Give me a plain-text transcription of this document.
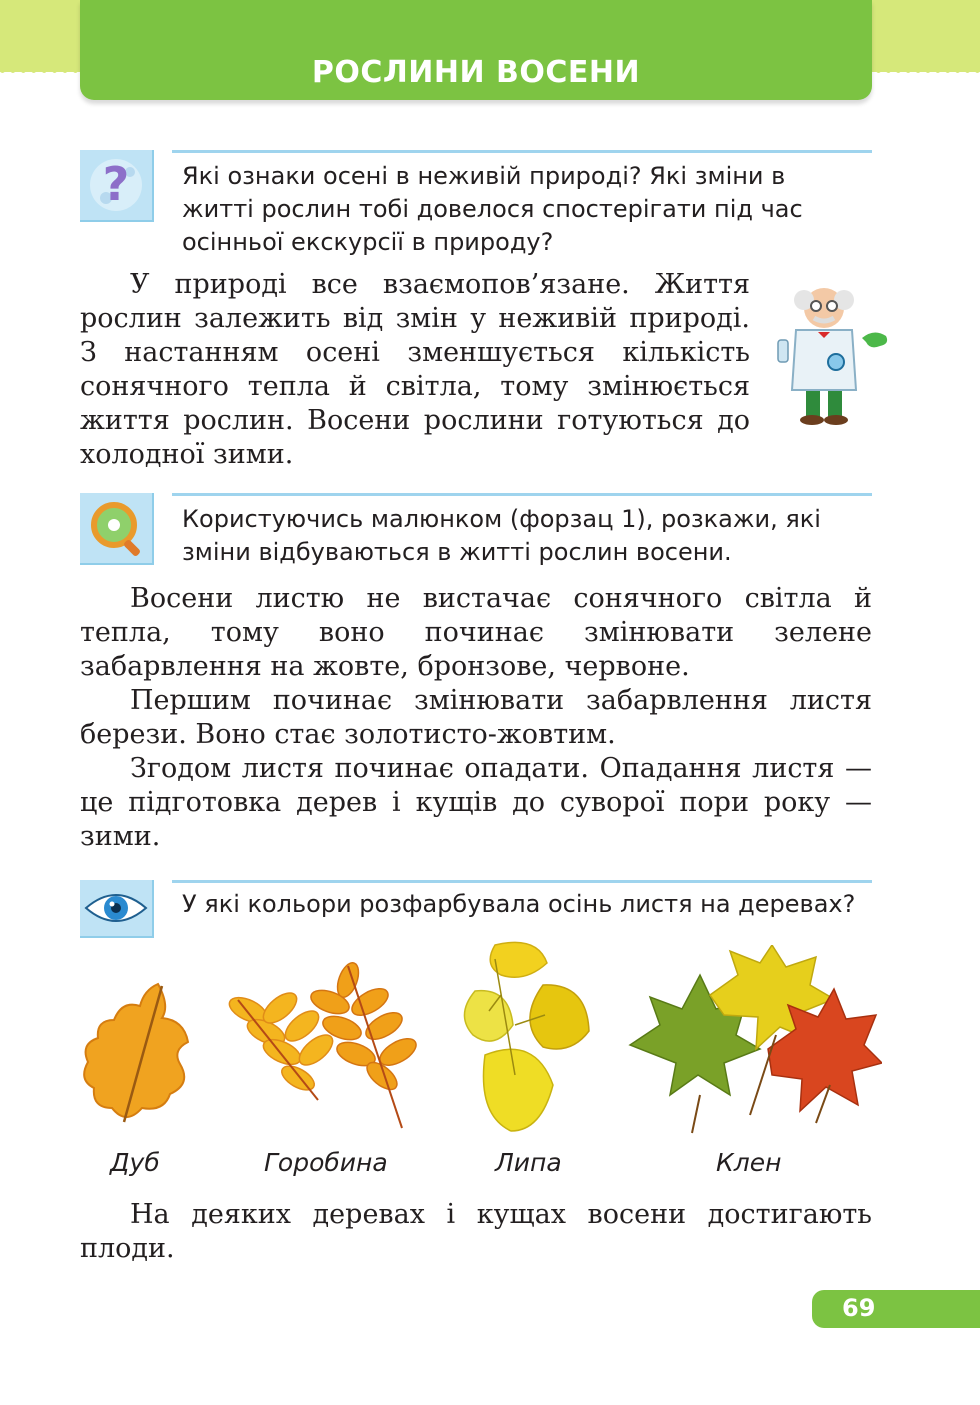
РОСЛИНИ ВОСЕНИ
? Які ознаки осені в неживій природі? Які зміни в житті рослин тобі довелося спостерігати під час осінньої екскурсії в природу?

У природі все взаємопов’язане. Життя рослин залежить від змін у неживій природі. З настанням осені зменшується кількість сонячного тепла й світла, тому змінюється життя рослин. Восени рослини готуються до холодної зими.

Користуючись малюнком (форзац 1), розкажи, які зміни відбуваються в житті рослин восени.

Восени листю не вистачає сонячного світла й тепла, тому воно починає змінювати зелене забарвлення на жовте, бронзове, червоне.

Першим починає змінювати забарвлення листя берези. Воно стає золотисто-жовтим.

Згодом листя починає опадати. Опадання листя — це підготовка дерев і кущів до суворої пори року — зими.

У які кольори розфарбувала осінь листя на деревах?
Дуб	Горобина	Липа	Клен

На деяких деревах і кущах восени достигають плоди.

69
